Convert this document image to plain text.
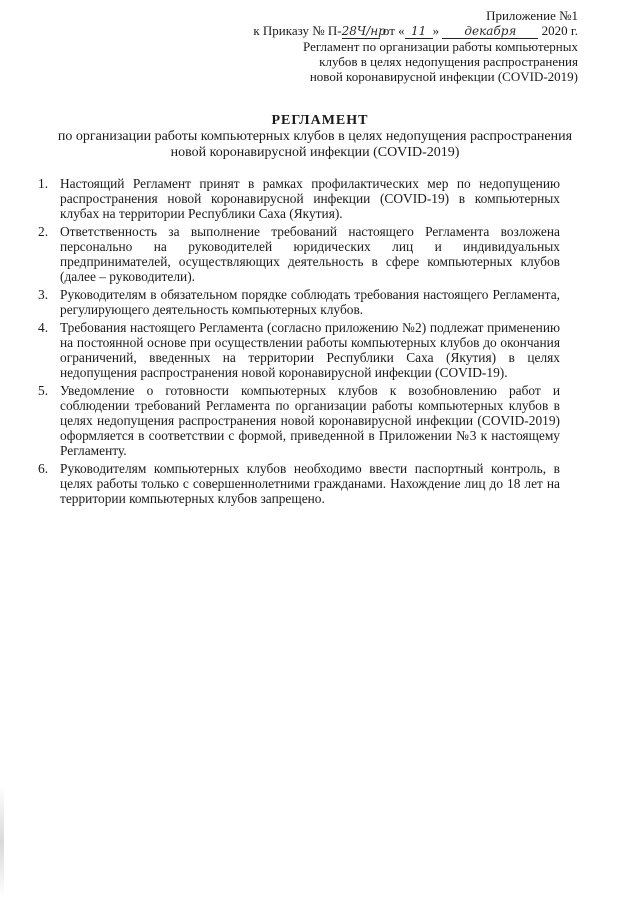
Приложение №1
к Приказу № П-28Ч/нр от « 11 » декабря 2020 г.
Регламент по организации работы компьютерных
клубов в целях недопущения распространения
новой коронавирусной инфекции (COVID-2019)
РЕГЛАМЕНТ
по организации работы компьютерных клубов в целях недопущения распространения
новой коронавирусной инфекции (COVID-2019)
1. Настоящий Регламент принят в рамках профилактических мер по недопущению распространения новой коронавирусной инфекции (COVID-19) в компьютерных клубах на территории Республики Саха (Якутия).
2. Ответственность за выполнение требований настоящего Регламента возложена персонально на руководителей юридических лиц и индивидуальных предпринимателей, осуществляющих деятельность в сфере компьютерных клубов (далее – руководители).
3. Руководителям в обязательном порядке соблюдать требования настоящего Регламента, регулирующего деятельность компьютерных клубов.
4. Требования настоящего Регламента (согласно приложению №2) подлежат применению на постоянной основе при осуществлении работы компьютерных клубов до окончания ограничений, введенных на территории Республики Саха (Якутия) в целях недопущения распространения новой коронавирусной инфекции (COVID-19).
5. Уведомление о готовности компьютерных клубов к возобновлению работ и соблюдении требований Регламента по организации работы компьютерных клубов в целях недопущения распространения новой коронавирусной инфекции (COVID-2019) оформляется в соответствии с формой, приведенной в Приложении №3 к настоящему Регламенту.
6. Руководителям компьютерных клубов необходимо ввести паспортный контроль, в целях работы только с совершеннолетними гражданами. Нахождение лиц до 18 лет на территории компьютерных клубов запрещено.
